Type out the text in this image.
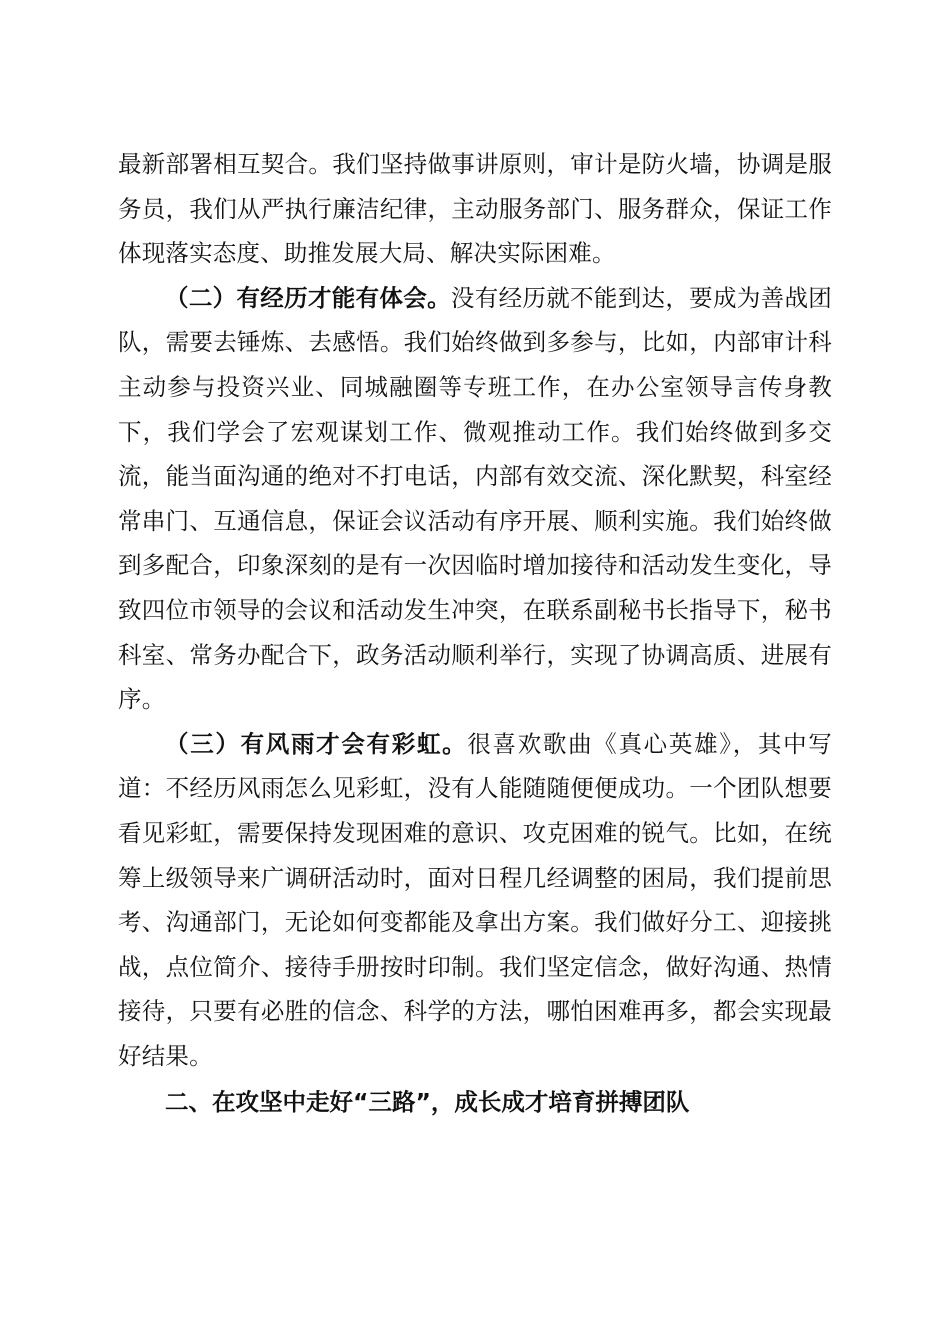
最新部署相互契合。我们坚持做事讲原则，审计是防火墙，协调是服务员，我们从严执行廉洁纪律，主动服务部门、服务群众，保证工作体现落实态度、助推发展大局、解决实际困难。

（二）有经历才能有体会。没有经历就不能到达，要成为善战团队，需要去锤炼、去感悟。我们始终做到多参与，比如，内部审计科主动参与投资兴业、同城融圈等专班工作，在办公室领导言传身教下，我们学会了宏观谋划工作、微观推动工作。我们始终做到多交流，能当面沟通的绝对不打电话，内部有效交流、深化默契，科室经常串门、互通信息，保证会议活动有序开展、顺利实施。我们始终做到多配合，印象深刻的是有一次因临时增加接待和活动发生变化，导致四位市领导的会议和活动发生冲突，在联系副秘书长指导下，秘书科室、常务办配合下，政务活动顺利举行，实现了协调高质、进展有序。

（三）有风雨才会有彩虹。很喜欢歌曲《真心英雄》，其中写道：不经历风雨怎么见彩虹，没有人能随随便便成功。一个团队想要看见彩虹，需要保持发现困难的意识、攻克困难的锐气。比如，在统筹上级领导来广调研活动时，面对日程几经调整的困局，我们提前思考、沟通部门，无论如何变都能及拿出方案。我们做好分工、迎接挑战，点位简介、接待手册按时印制。我们坚定信念，做好沟通、热情接待，只要有必胜的信念、科学的方法，哪怕困难再多，都会实现最好结果。

二、在攻坚中走好“三路”，成长成才培育拼搏团队
